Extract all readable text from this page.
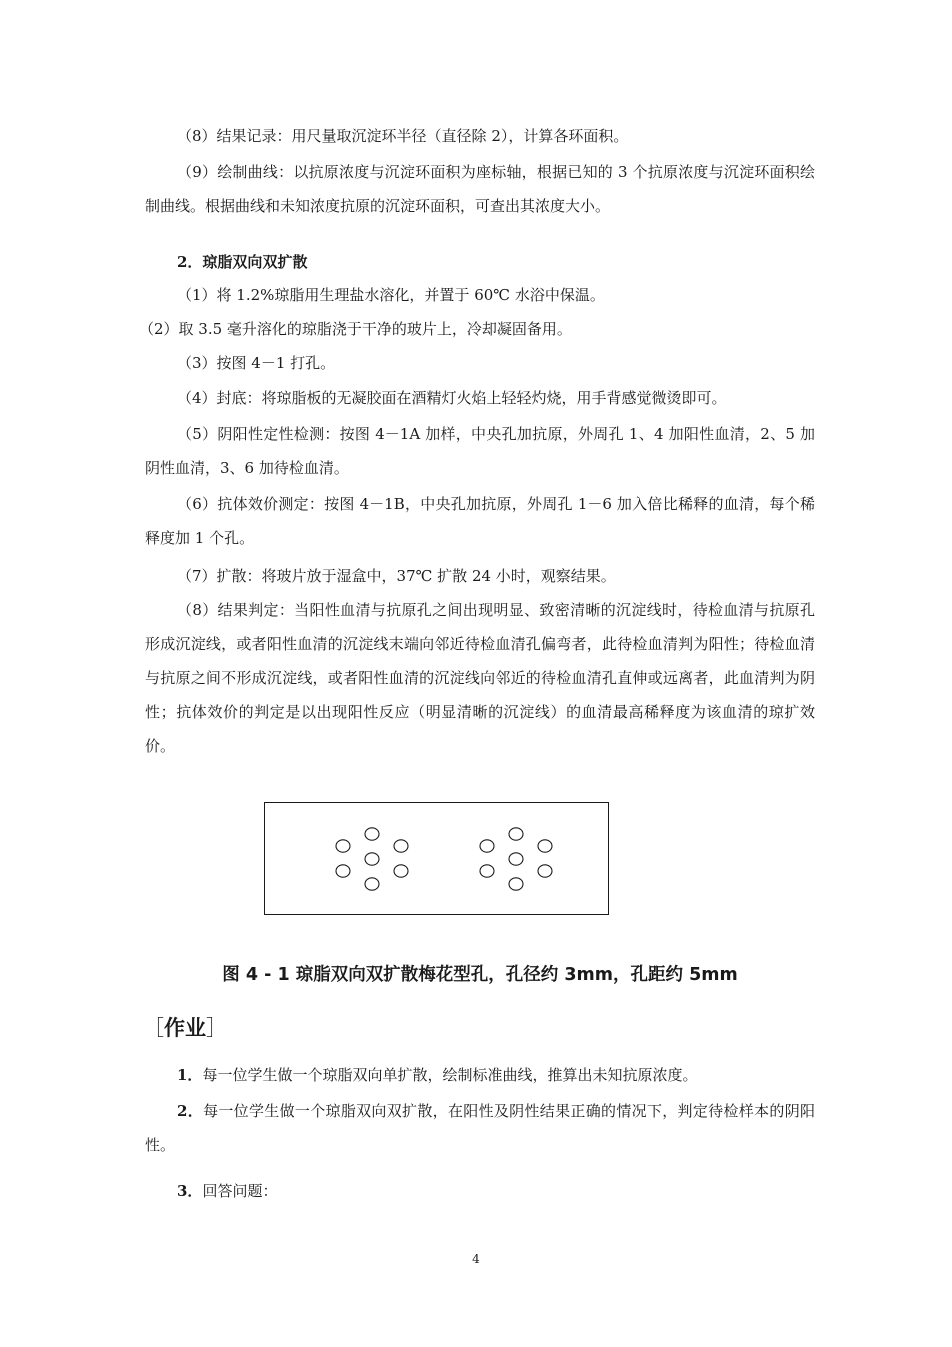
（8）结果记录：用尺量取沉淀环半径（直径除 2），计算各环面积。

（9）绘制曲线：以抗原浓度与沉淀环面积为座标轴，根据已知的 3 个抗原浓度与沉淀环面积绘制曲线。根据曲线和未知浓度抗原的沉淀环面积，可查出其浓度大小。

2．琼脂双向双扩散

（1）将 1.2%琼脂用生理盐水溶化，并置于 60℃ 水浴中保温。

（2）取 3.5 毫升溶化的琼脂浇于干净的玻片上，冷却凝固备用。

（3）按图 4－1 打孔。

（4）封底：将琼脂板的无凝胶面在酒精灯火焰上轻轻灼烧，用手背感觉微烫即可。

（5）阴阳性定性检测：按图 4－1A 加样，中央孔加抗原，外周孔 1、4 加阳性血清，2、5 加阴性血清，3、6 加待检血清。

（6）抗体效价测定：按图 4－1B，中央孔加抗原，外周孔 1－6 加入倍比稀释的血清，每个稀释度加 1 个孔。

（7）扩散：将玻片放于湿盒中，37℃ 扩散 24 小时，观察结果。

（8）结果判定：当阳性血清与抗原孔之间出现明显、致密清晰的沉淀线时，待检血清与抗原孔形成沉淀线，或者阳性血清的沉淀线末端向邻近待检血清孔偏弯者，此待检血清判为阳性；待检血清与抗原之间不形成沉淀线，或者阳性血清的沉淀线向邻近的待检血清孔直伸或远离者，此血清判为阴性；抗体效价的判定是以出现阳性反应（明显清晰的沉淀线）的血清最高稀释度为该血清的琼扩效价。

图 4 - 1 琼脂双向双扩散梅花型孔，孔径约 3mm，孔距约 5mm
［作业］

1．每一位学生做一个琼脂双向单扩散，绘制标准曲线，推算出未知抗原浓度。

2．每一位学生做一个琼脂双向双扩散，在阳性及阴性结果正确的情况下，判定待检样本的阴阳性。

3．回答问题：

4
